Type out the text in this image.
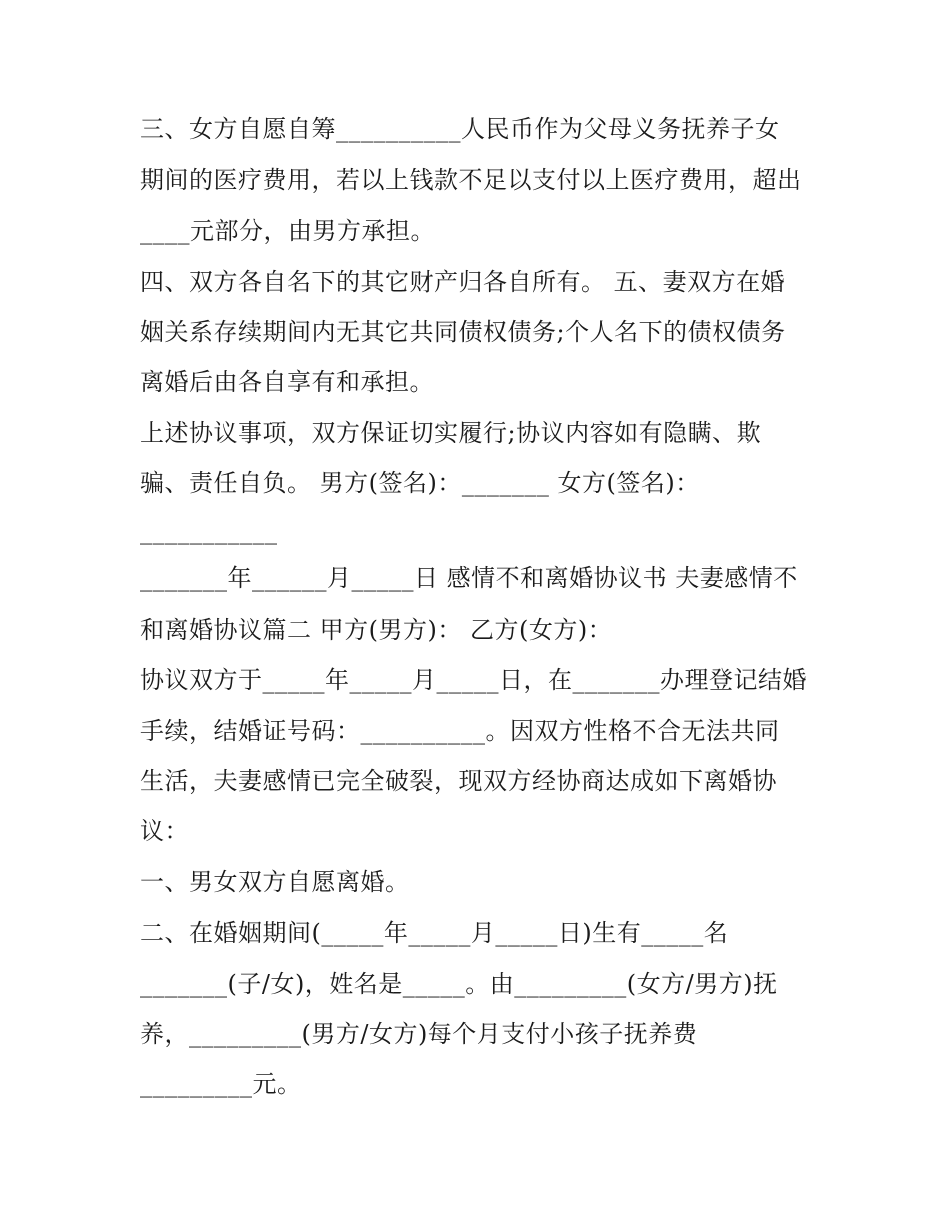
三、女方自愿自筹__________人民币作为父母义务抚养子女
期间的医疗费用，若以上钱款不足以支付以上医疗费用，超出
____元部分，由男方承担。
四、双方各自名下的其它财产归各自所有。 五、妻双方在婚
姻关系存续期间内无其它共同债权债务;个人名下的债权债务
离婚后由各自享有和承担。
上述协议事项，双方保证切实履行;协议内容如有隐瞒、欺
骗、责任自负。 男方(签名)：_______ 女方(签名)：
___________
_______年______月_____日 感情不和离婚协议书 夫妻感情不
和离婚协议篇二 甲方(男方)： 乙方(女方)：
协议双方于_____年_____月_____日，在_______办理登记结婚
手续，结婚证号码：__________。因双方性格不合无法共同
生活，夫妻感情已完全破裂，现双方经协商达成如下离婚协
议：
一、男女双方自愿离婚。
二、在婚姻期间(_____年_____月_____日)生有_____名
_______(子/女)，姓名是_____。由_________(女方/男方)抚
养，_________(男方/女方)每个月支付小孩子抚养费
_________元。
